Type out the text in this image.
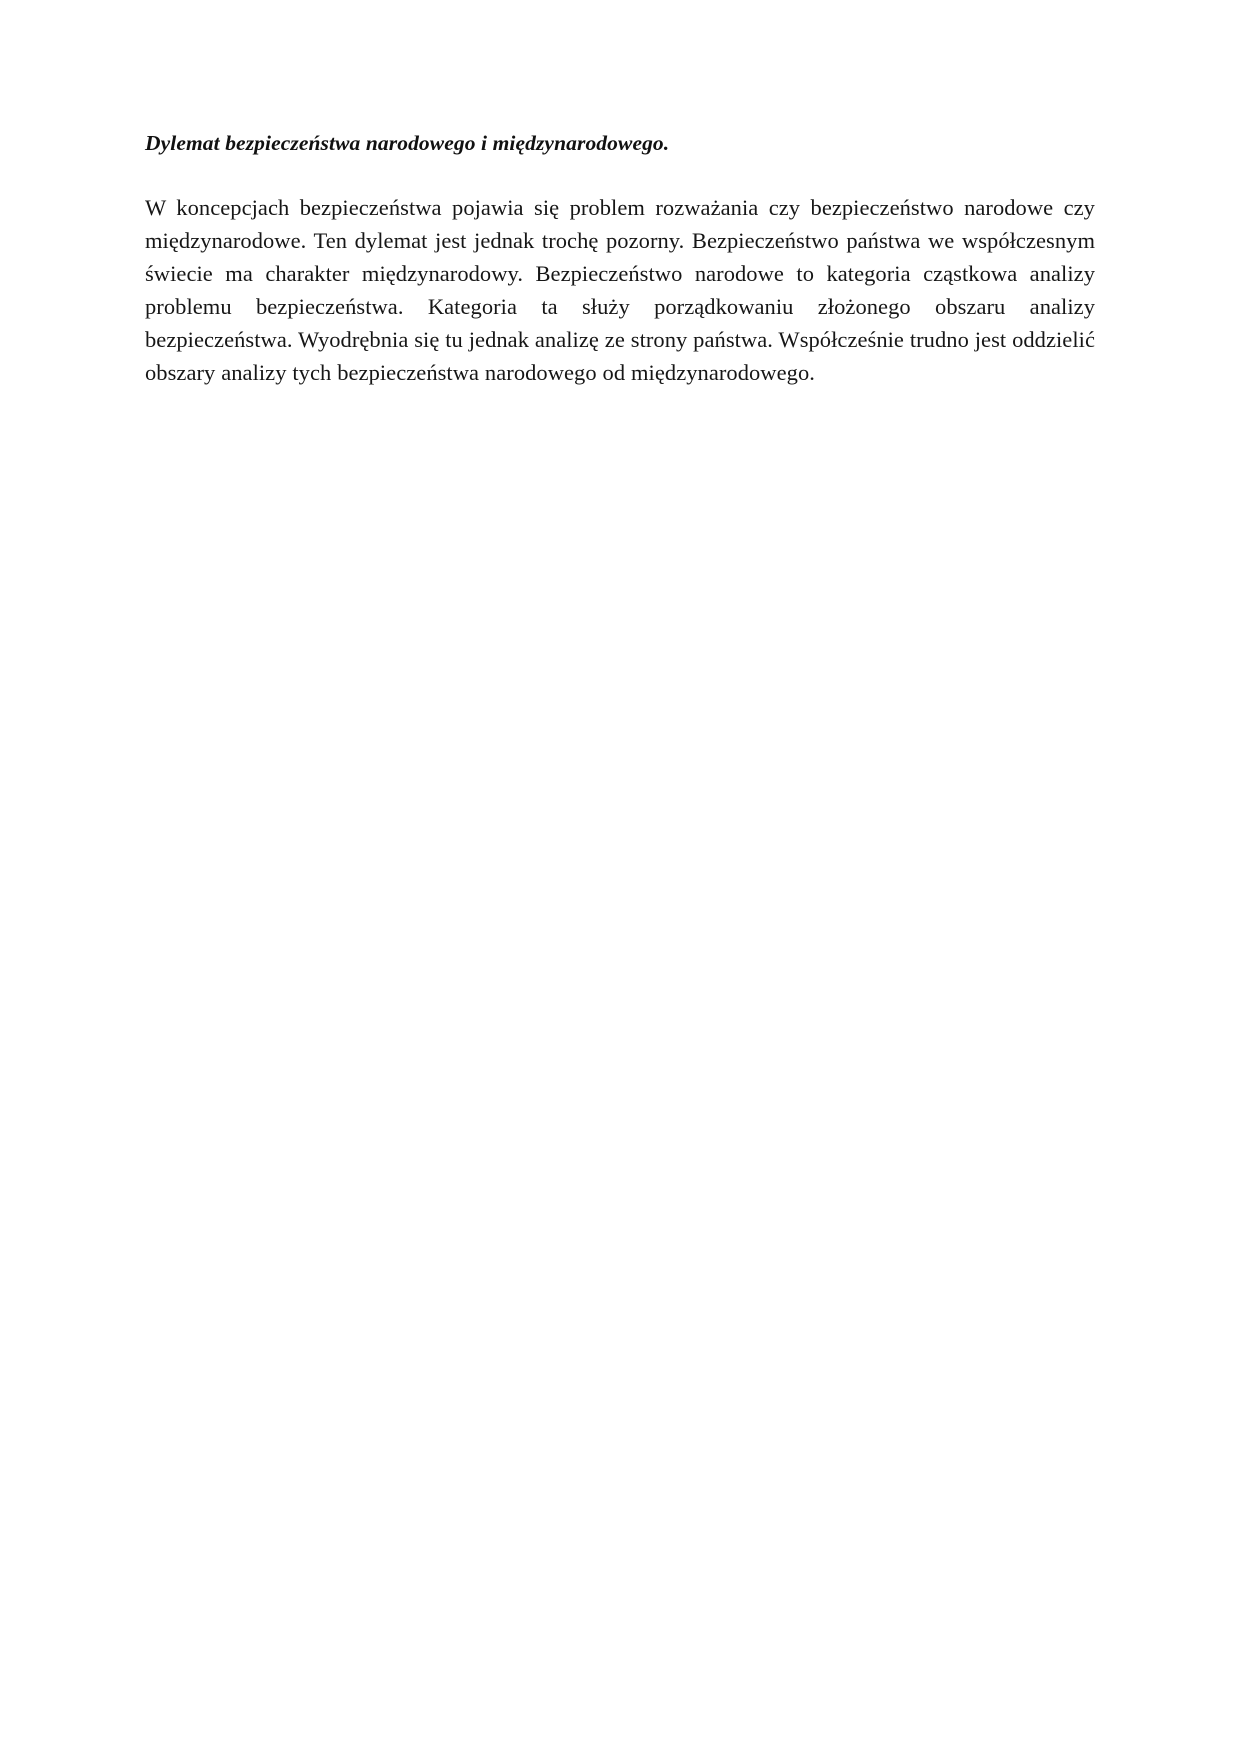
Dylemat bezpieczeństwa narodowego i międzynarodowego.

W koncepcjach bezpieczeństwa pojawia się problem rozważania czy bezpieczeństwo narodowe czy międzynarodowe. Ten dylemat jest jednak trochę pozorny. Bezpieczeństwo państwa we współczesnym świecie ma charakter międzynarodowy. Bezpieczeństwo narodowe to kategoria cząstkowa analizy problemu bezpieczeństwa. Kategoria ta służy porządkowaniu złożonego obszaru analizy bezpieczeństwa. Wyodrębnia się tu jednak analizę ze strony państwa. Współcześnie trudno jest oddzielić obszary analizy tych bezpieczeństwa narodowego od międzynarodowego.
